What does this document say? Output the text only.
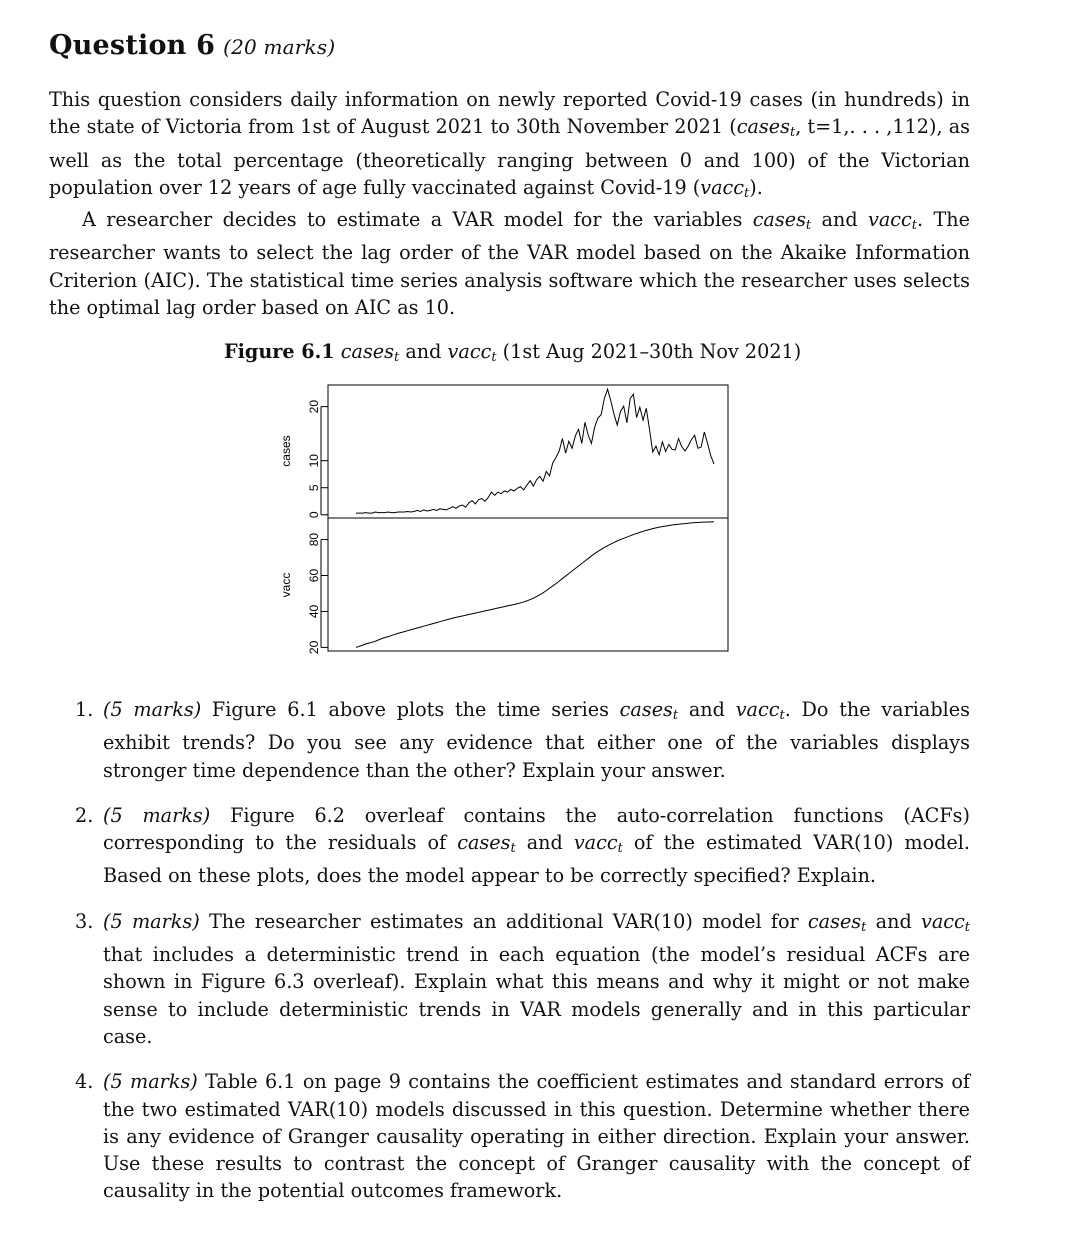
Question 6 (20 marks)

This question considers daily information on newly reported Covid-19 cases (in hundreds) in the state of Victoria from 1st of August 2021 to 30th November 2021 (cases$_t$, t=1,. . . ,112), as well as the total percentage (theoretically ranging between 0 and 100) of the Victorian population over 12 years of age fully vaccinated against Covid-19 (vacc$_t$).

A researcher decides to estimate a VAR model for the variables cases$_t$ and vacc$_t$. The researcher wants to select the lag order of the VAR model based on the Akaike Information Criterion (AIC). The statistical time series analysis software which the researcher uses selects the optimal lag order based on AIC as 10.

Figure 6.1 cases$_t$ and vacc$_t$ (1st Aug 2021–30th Nov 2021)
cases
vacc
0
5
10
20
20
40
60
80
1. (5 marks) Figure 6.1 above plots the time series cases$_t$ and vacc$_t$. Do the variables exhibit trends? Do you see any evidence that either one of the variables displays stronger time dependence than the other? Explain your answer.
2. (5 marks) Figure 6.2 overleaf contains the auto-correlation functions (ACFs) corresponding to the residuals of cases$_t$ and vacc$_t$ of the estimated VAR(10) model. Based on these plots, does the model appear to be correctly specified? Explain.
3. (5 marks) The researcher estimates an additional VAR(10) model for cases$_t$ and vacc$_t$ that includes a deterministic trend in each equation (the model’s residual ACFs are shown in Figure 6.3 overleaf). Explain what this means and why it might or not make sense to include deterministic trends in VAR models generally and in this particular case.
4. (5 marks) Table 6.1 on page 9 contains the coefficient estimates and standard errors of the two estimated VAR(10) models discussed in this question. Determine whether there is any evidence of Granger causality operating in either direction. Explain your answer. Use these results to contrast the concept of Granger causality with the concept of causality in the potential outcomes framework.
